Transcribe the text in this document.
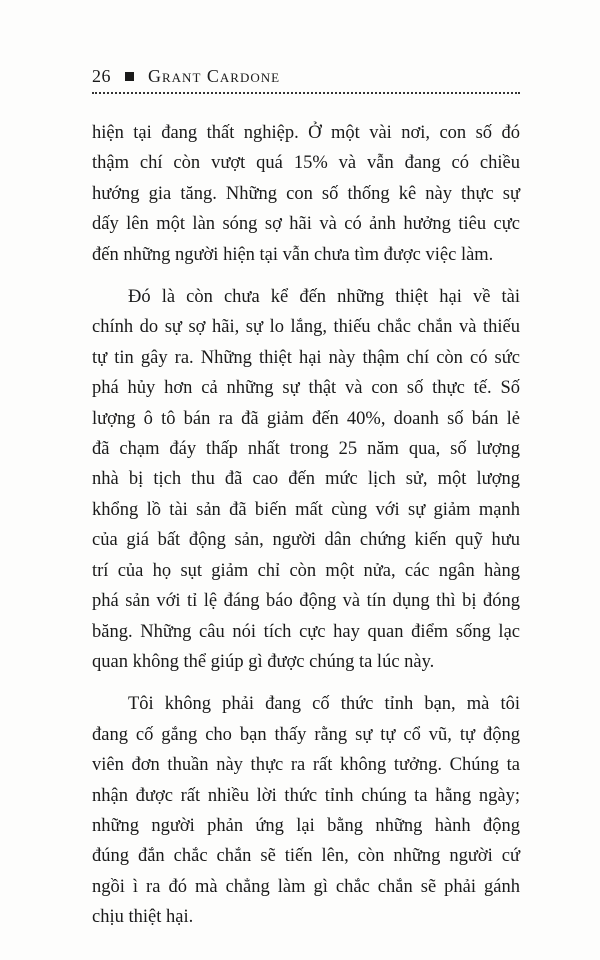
26 Grant Cardone

hiện tại đang thất nghiệp. Ở một vài nơi, con số đó
thậm chí còn vượt quá 15% và vẫn đang có chiều
hướng gia tăng. Những con số thống kê này thực sự
dấy lên một làn sóng sợ hãi và có ảnh hưởng tiêu cực
đến những người hiện tại vẫn chưa tìm được việc làm.

Đó là còn chưa kể đến những thiệt hại về tài
chính do sự sợ hãi, sự lo lắng, thiếu chắc chắn và thiếu
tự tin gây ra. Những thiệt hại này thậm chí còn có sức
phá hủy hơn cả những sự thật và con số thực tế. Số
lượng ô tô bán ra đã giảm đến 40%, doanh số bán lẻ
đã chạm đáy thấp nhất trong 25 năm qua, số lượng
nhà bị tịch thu đã cao đến mức lịch sử, một lượng
khổng lồ tài sản đã biến mất cùng với sự giảm mạnh
của giá bất động sản, người dân chứng kiến quỹ hưu
trí của họ sụt giảm chỉ còn một nửa, các ngân hàng
phá sản với tỉ lệ đáng báo động và tín dụng thì bị đóng
băng. Những câu nói tích cực hay quan điểm sống lạc
quan không thể giúp gì được chúng ta lúc này.

Tôi không phải đang cố thức tỉnh bạn, mà tôi
đang cố gắng cho bạn thấy rằng sự tự cổ vũ, tự động
viên đơn thuần này thực ra rất không tưởng. Chúng ta
nhận được rất nhiều lời thức tỉnh chúng ta hằng ngày;
những người phản ứng lại bằng những hành động
đúng đắn chắc chắn sẽ tiến lên, còn những người cứ
ngồi ì ra đó mà chẳng làm gì chắc chắn sẽ phải gánh
chịu thiệt hại.
